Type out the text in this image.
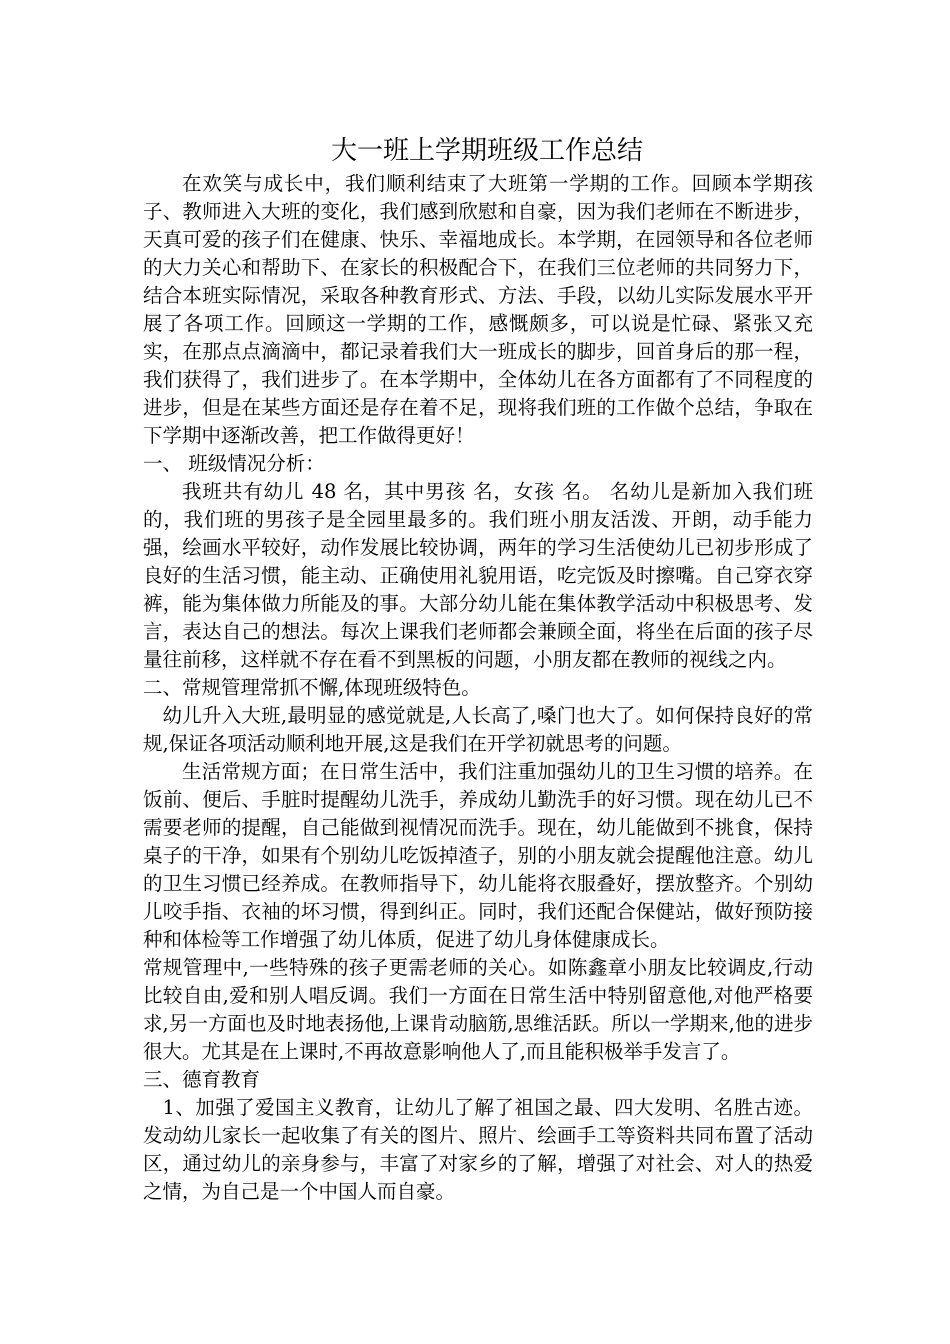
大一班上学期班级工作总结

在欢笑与成长中，我们顺利结束了大班第一学期的工作。回顾本学期孩子、教师进入大班的变化，我们感到欣慰和自豪，因为我们老师在不断进步，天真可爱的孩子们在健康、快乐、幸福地成长。本学期，在园领导和各位老师的大力关心和帮助下、在家长的积极配合下，在我们三位老师的共同努力下，结合本班实际情况，采取各种教育形式、方法、手段，以幼儿实际发展水平开展了各项工作。回顾这一学期的工作，感慨颇多，可以说是忙碌、紧张又充实，在那点点滴滴中，都记录着我们大一班成长的脚步，回首身后的那一程，我们获得了，我们进步了。在本学期中，全体幼儿在各方面都有了不同程度的进步，但是在某些方面还是存在着不足，现将我们班的工作做个总结，争取在下学期中逐渐改善，把工作做得更好！

一、 班级情况分析：

我班共有幼儿 48 名，其中男孩 名，女孩 名。 名幼儿是新加入我们班的，我们班的男孩子是全园里最多的。我们班小朋友活泼、开朗，动手能力强，绘画水平较好，动作发展比较协调，两年的学习生活使幼儿已初步形成了良好的生活习惯，能主动、正确使用礼貌用语，吃完饭及时擦嘴。自己穿衣穿裤，能为集体做力所能及的事。大部分幼儿能在集体教学活动中积极思考、发言，表达自己的想法。每次上课我们老师都会兼顾全面，将坐在后面的孩子尽量往前移，这样就不存在看不到黑板的问题，小朋友都在教师的视线之内。

二、常规管理常抓不懈,体现班级特色。

幼儿升入大班,最明显的感觉就是,人长高了,嗓门也大了。如何保持良好的常规,保证各项活动顺利地开展,这是我们在开学初就思考的问题。

生活常规方面；在日常生活中，我们注重加强幼儿的卫生习惯的培养。在饭前、便后、手脏时提醒幼儿洗手，养成幼儿勤洗手的好习惯。现在幼儿已不需要老师的提醒，自己能做到视情况而洗手。现在，幼儿能做到不挑食，保持桌子的干净，如果有个别幼儿吃饭掉渣子，别的小朋友就会提醒他注意。幼儿的卫生习惯已经养成。在教师指导下，幼儿能将衣服叠好，摆放整齐。个别幼儿咬手指、衣袖的坏习惯，得到纠正。同时，我们还配合保健站，做好预防接种和体检等工作增强了幼儿体质，促进了幼儿身体健康成长。

常规管理中,一些特殊的孩子更需老师的关心。如陈鑫章小朋友比较调皮,行动比较自由,爱和别人唱反调。我们一方面在日常生活中特别留意他,对他严格要求,另一方面也及时地表扬他,上课肯动脑筋,思维活跃。所以一学期来,他的进步很大。尤其是在上课时,不再故意影响他人了,而且能积极举手发言了。

三、德育教育

1、加强了爱国主义教育，让幼儿了解了祖国之最、四大发明、名胜古迹。发动幼儿家长一起收集了有关的图片、照片、绘画手工等资料共同布置了活动区，通过幼儿的亲身参与，丰富了对家乡的了解，增强了对社会、对人的热爱之情，为自己是一个中国人而自豪。
